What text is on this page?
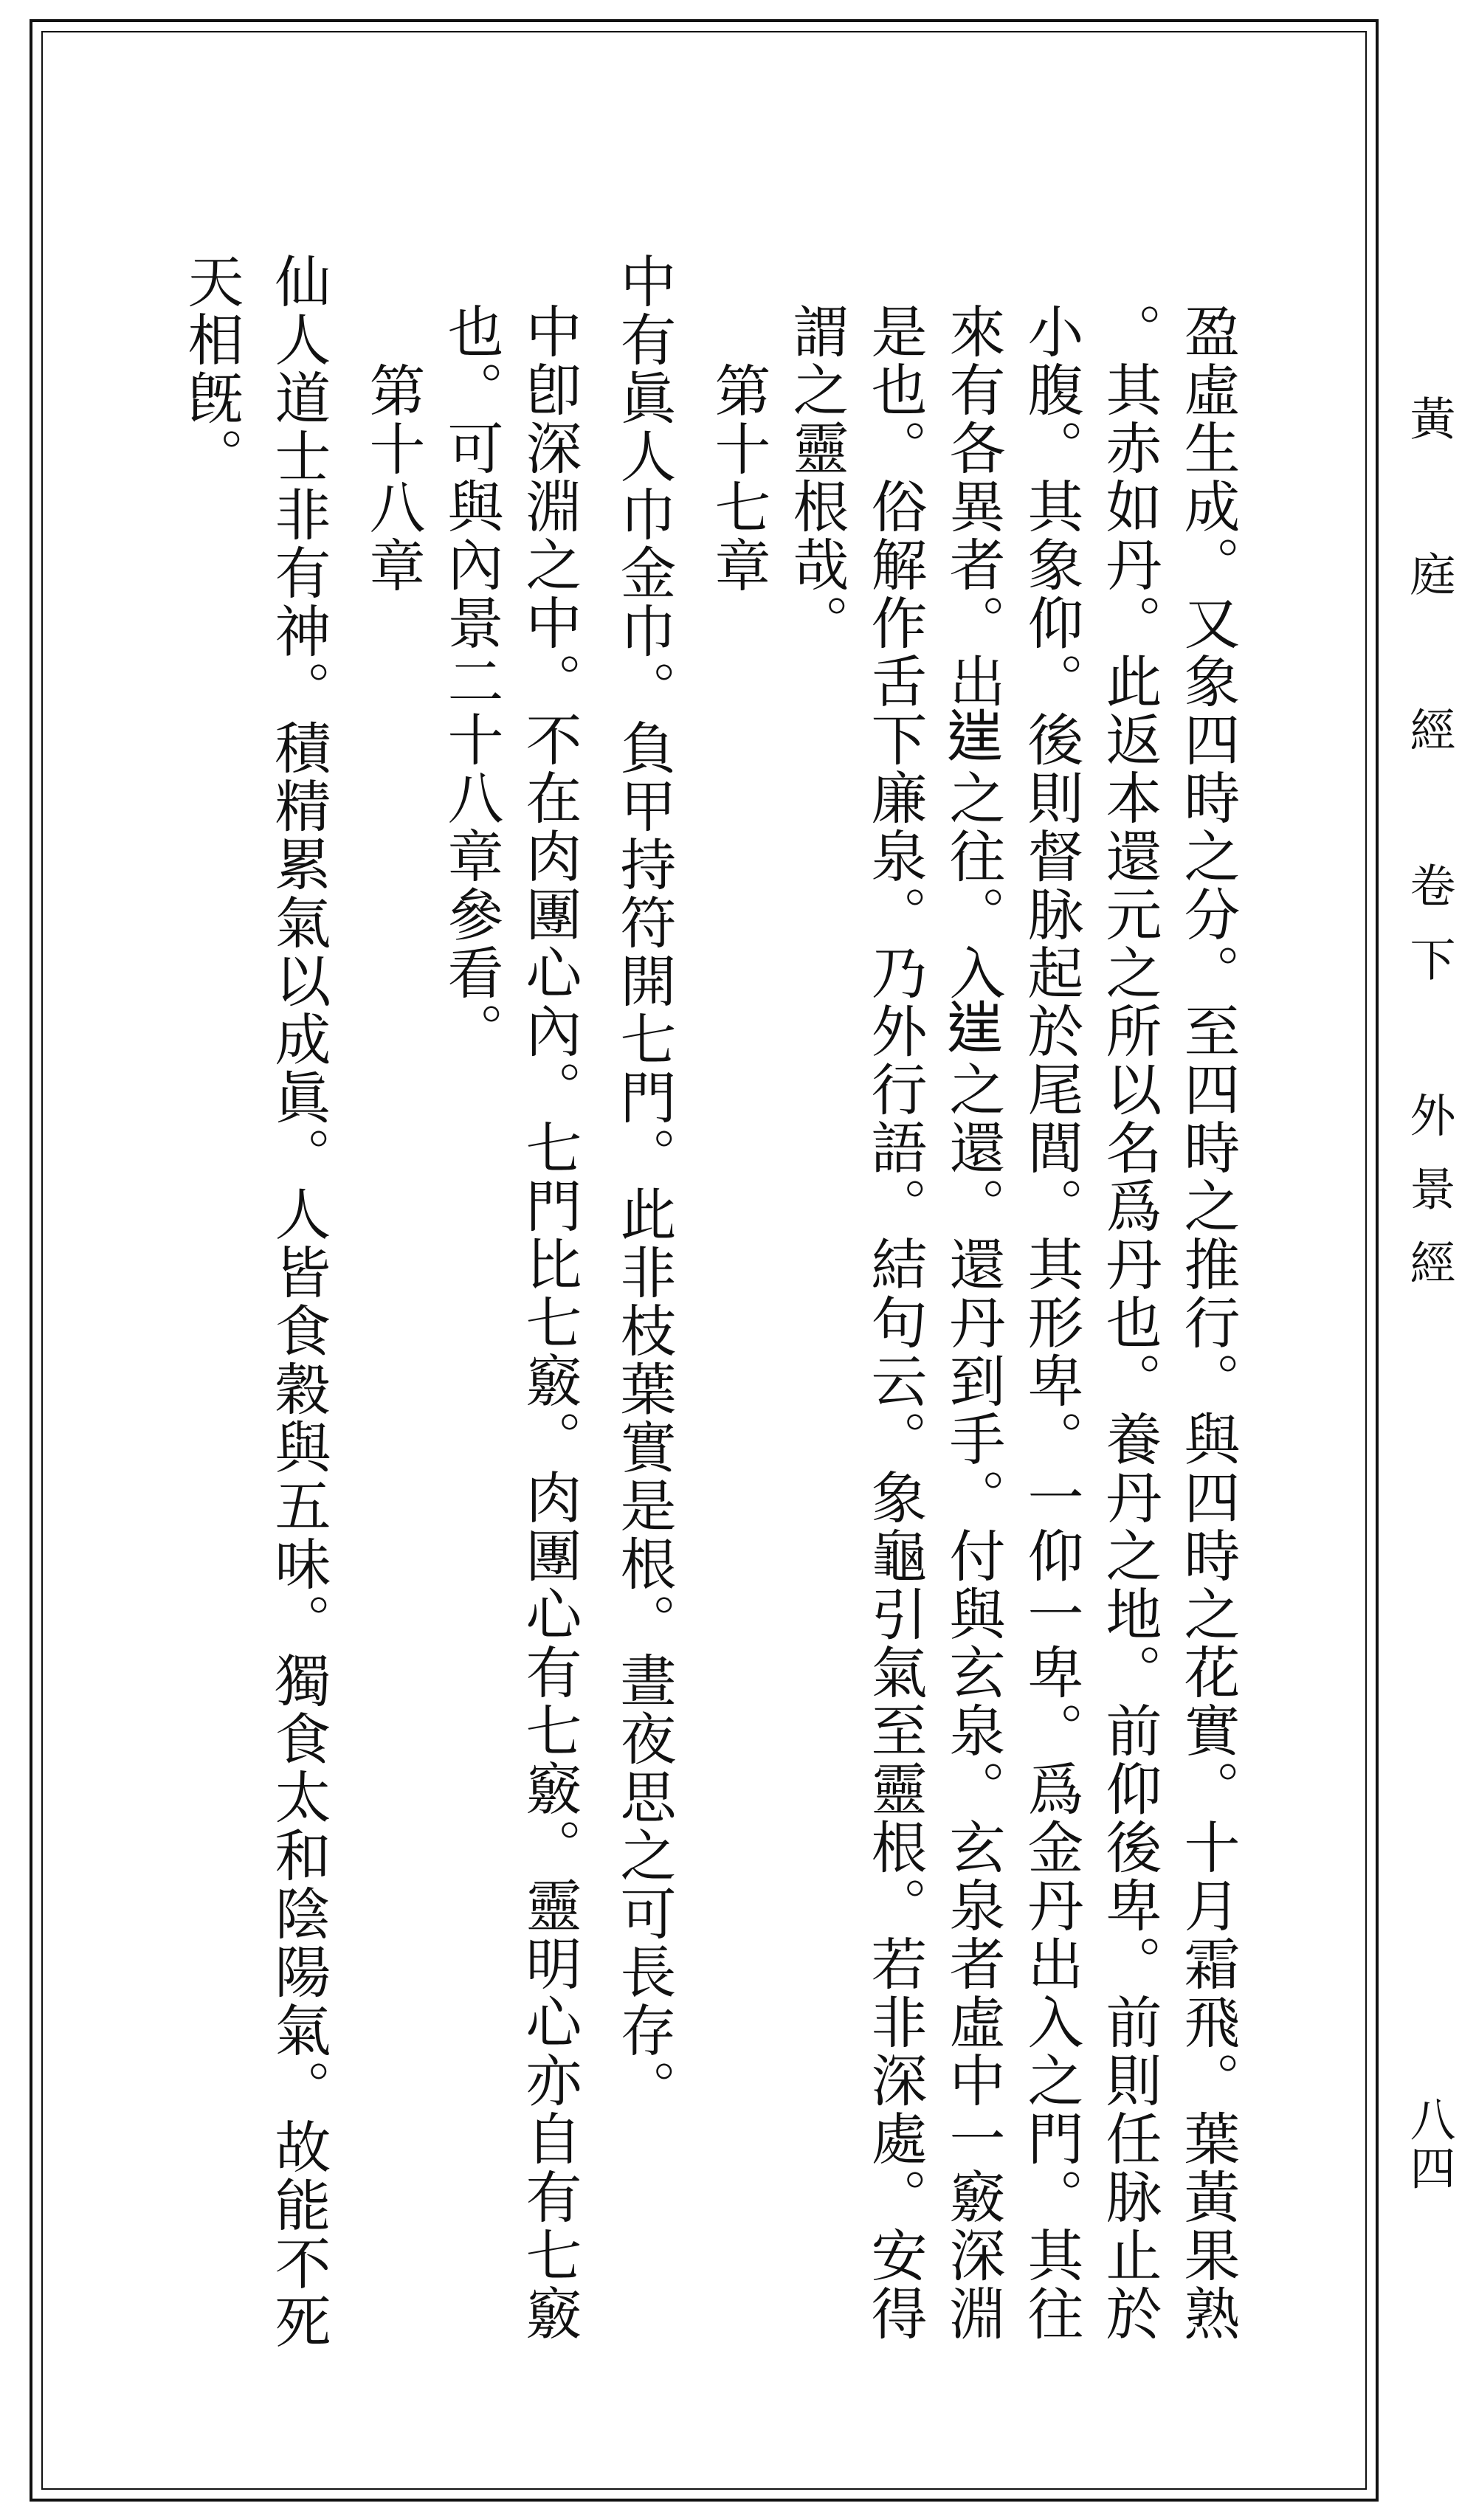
黃 庭 經 卷下 外景經
八四
盈虛生成。又象四時之分。至四時之推行。與四時之花實。十月霜飛。葉黃果熟
。其赤如丹。此返本還元之所以名爲丹也。養丹之地。前仰後卑。前則任脉止於
小腹。其象仰。後則督脉起於尾閭。其形卑。一仰一卑。爲金丹出入之門。其往
來有各異者。出𨓏之往。入𨓏之還。還丹到手。付與玄泉。玄泉者虛中一竅深淵
是也。俗解作舌下廉泉。乃外行語。結句云。象龜引氣至靈根。若非深處。安得
謂之靈根哉。
第十七章
中有眞人巾金巾。負甲持符開七門。此非枝葉實是根。晝夜思之可長存。
中卽深淵之中。不在肉團心內。七門比七竅。肉團心有七竅。靈明心亦自有七竅
也。可與內景二十八章參看。
第十八章
仙人道士非有神。積精累氣以成眞。人皆食穀與五味。獨食太和陰陽氣。故能不死
天相旣。
